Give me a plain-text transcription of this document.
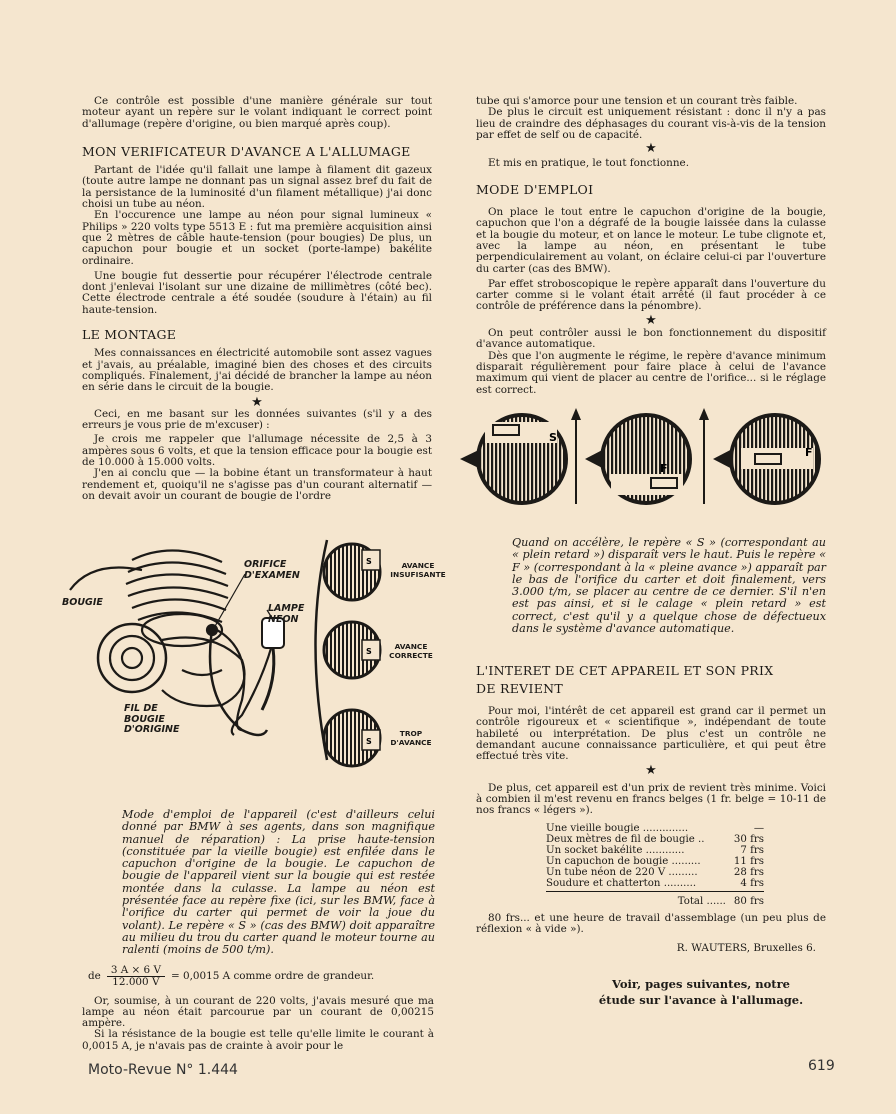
Ce contrôle est possible d'une manière générale sur tout moteur ayant un repère sur le volant indiquant le correct point d'allumage (repère d'origine, ou bien marqué après coup).

MON VERIFICATEUR D'AVANCE A L'ALLUMAGE

Partant de l'idée qu'il fallait une lampe à filament dit gazeux (toute autre lampe ne donnant pas un signal assez bref du fait de la persistance de la luminosité d'un filament métallique) j'ai donc choisi un tube au néon.

En l'occurence une lampe au néon pour signal lumineux « Philips » 220 volts type 5513 E : fut ma première acquisition ainsi que 2 mètres de câble haute-tension (pour bougies) De plus, un capuchon pour bougie et un socket (porte-lampe) bakélite ordinaire.

Une bougie fut dessertie pour récupérer l'électrode centrale dont j'enlevai l'isolant sur une dizaine de millimètres (côté bec). Cette électrode centrale a été soudée (soudure à l'étain) au fil haute-tension.

LE MONTAGE

Mes connaissances en électricité automobile sont assez vagues et j'avais, au préalable, imaginé bien des choses et des circuits compliqués. Finalement, j'ai décidé de brancher la lampe au néon en série dans le circuit de la bougie.

★

Ceci, en me basant sur les données suivantes (s'il y a des erreurs je vous prie de m'excuser) :

Je crois me rappeler que l'allumage nécessite de 2,5 à 3 ampères sous 6 volts, et que la tension efficace pour la bougie est de 10.000 à 15.000 volts.

J'en ai conclu que — la bobine étant un transformateur à haut rendement et, quoiqu'il ne s'agisse pas d'un courant alternatif — on devait avoir un courant de bougie de l'ordre

tube qui s'amorce pour une tension et un courant très faible.

De plus le circuit est uniquement résistant : donc il n'y a pas lieu de craindre des déphasages du courant vis-à-vis de la tension par effet de self ou de capacité.

★

Et mis en pratique, le tout fonctionne.

MODE D'EMPLOI

On place le tout entre le capuchon d'origine de la bougie, capuchon que l'on a dégrafé de la bougie laissée dans la culasse et la bougie du moteur, et on lance le moteur. Le tube clignote et, avec la lampe au néon, en présentant le tube perpendiculairement au volant, on éclaire celui-ci par l'ouverture du carter (cas des BMW).

Par effet stroboscopique le repère apparaît dans l'ouverture du carter comme si le volant était arrêté (il faut procéder à ce contrôle de préférence dans la pénombre).

★

On peut contrôler aussi le bon fonctionnement du dispositif d'avance automatique.

Dès que l'on augmente le régime, le repère d'avance minimum disparait régulièrement pour faire place à celui de l'avance maximum qui vient de placer au centre de l'orifice... si le réglage est correct.

S
F
F
Quand on accélère, le repère « S » (correspondant au « plein retard ») disparaît vers le haut. Puis le repère « F » (correspondant à la « pleine avance ») apparaît par le bas de l'orifice du carter et doit finalement, vers 3.000 t/m, se placer au centre de ce dernier. S'il n'en est pas ainsi, et si le calage « plein retard » est correct, c'est qu'il y a quelque chose de défectueux dans le système d'avance automatique.
S
S
S
ORIFICE D'EXAMEN
BOUGIE
LAMPE NEON
FIL DE BOUGIE D'ORIGINE
AVANCE INSUFISANTE
AVANCE CORRECTE
TROP D'AVANCE
Mode d'emploi de l'appareil (c'est d'ailleurs celui donné par BMW à ses agents, dans son magnifique manuel de réparation) : La prise haute-tension (constituée par la vieille bougie) est enfilée dans le capuchon d'origine de la bougie. Le capuchon de bougie de l'appareil vient sur la bougie qui est restée montée dans la culasse. La lampe au néon est présentée face au repère fixe (ici, sur les BMW, face à l'orifice du carter qui permet de voir la joue du volant). Le repère « S » (cas des BMW) doit apparaître au milieu du trou du carter quand le moteur tourne au ralenti (moins de 500 t/m).
de $\frac{3 A \times 6 V}{12.000 V} = 0,0015$ A comme ordre de grandeur.

Or, soumise, à un courant de 220 volts, j'avais mesuré que ma lampe au néon était parcourue par un courant de 0,00215 ampère.

Si la résistance de la bougie est telle qu'elle limite le courant à 0,0015 A, je n'avais pas de crainte à avoir pour le

L'INTERET DE CET APPAREIL ET SON PRIX
DE REVIENT

Pour moi, l'intérêt de cet appareil est grand car il permet un contrôle rigoureux et « scientifique », indépendant de toute habileté ou interprétation. De plus c'est un contrôle ne demandant aucune connaissance particulière, et qui peut être effectué très vite.

★

De plus, cet appareil est d'un prix de revient très minime. Voici à combien il m'est revenu en francs belges (1 fr. belge = 10-11 de nos francs « légers »).

Une vieille bougie ..............	—
Deux mètres de fil de bougie ..	30 frs
Un socket bakélite ............	7 frs
Un capuchon de bougie .........	11 frs
Un tube néon de 220 V .........	28 frs
Soudure et chatterton ..........	4 frs
Total ...... 80 frs

80 frs... et une heure de travail d'assemblage (un peu plus de réflexion « à vide »).

R. WAUTERS, Bruxelles 6.

Voir, pages suivantes, notre étude sur l'avance à l'allumage.
Moto-Revue N° 1.444	619
